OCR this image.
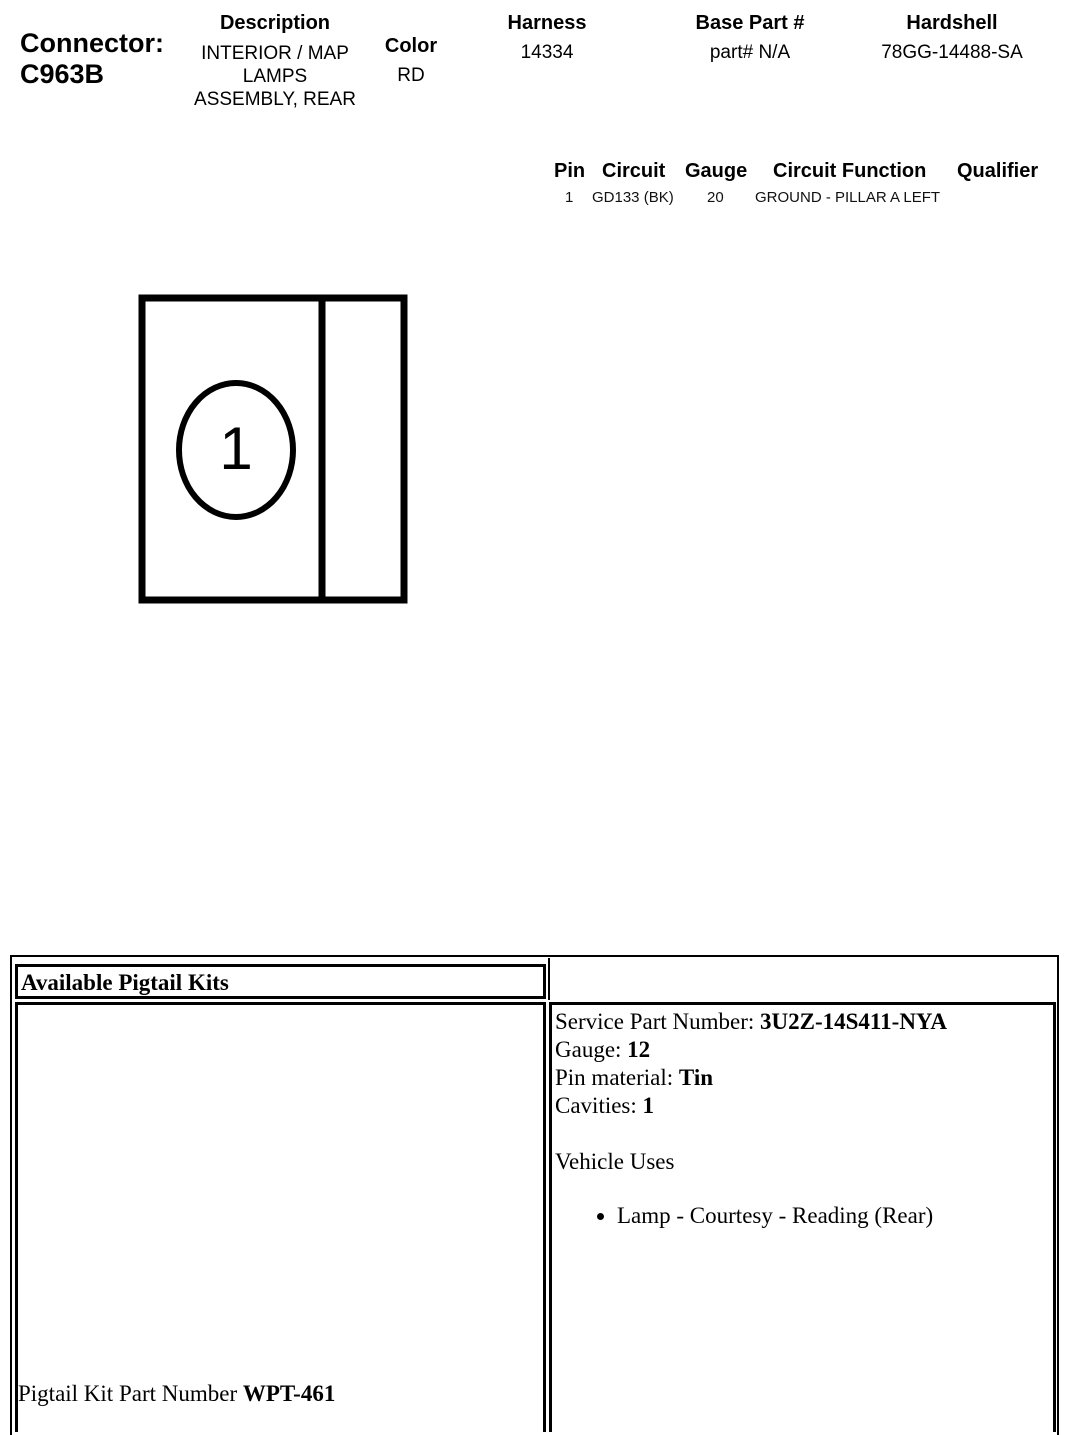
Connector:
C963B
Description
INTERIOR / MAP
LAMPS
ASSEMBLY, REAR
Color
RD
Harness
14334
Base Part #
part# N/A
Hardshell
78GG-14488-SA
Pin Circuit Gauge Circuit Function Qualifier
1 GD133 (BK) 20 GROUND - PILLAR A LEFT
1
Available Pigtail Kits
Service Part Number: 3U2Z-14S411-NYA
Gauge: 12
Pin material: Tin
Cavities: 1
Vehicle Uses
• Lamp - Courtesy - Reading (Rear)
Pigtail Kit Part Number WPT-461
